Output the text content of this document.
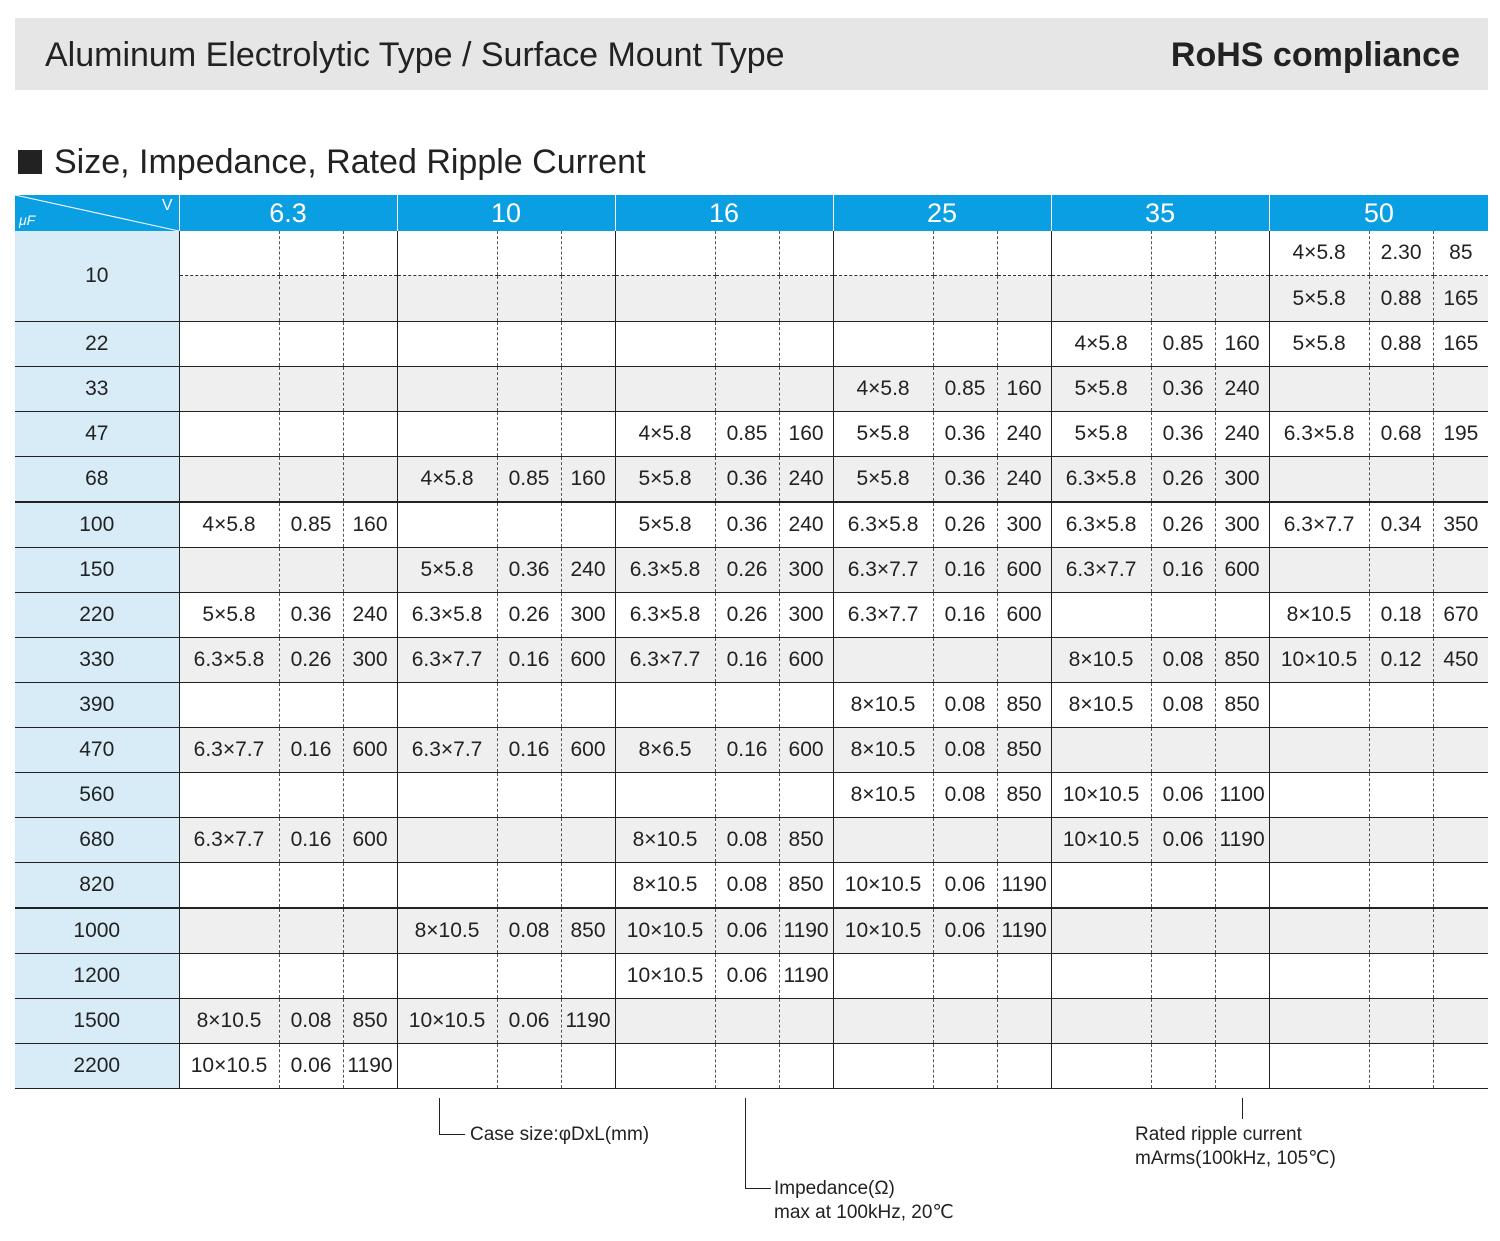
Aluminum Electrolytic Type / Surface Mount Type	RoHS compliance
Size, Impedance, Rated Ripple Current
V
μF	6.3			10			16			25			35			50		
10																4×5.8	2.30	85
																5×5.8	0.88	165
22													4×5.8	0.85	160	5×5.8	0.88	165
33										4×5.8	0.85	160	5×5.8	0.36	240			
47							4×5.8	0.85	160	5×5.8	0.36	240	5×5.8	0.36	240	6.3×5.8	0.68	195
68				4×5.8	0.85	160	5×5.8	0.36	240	5×5.8	0.36	240	6.3×5.8	0.26	300			
100	4×5.8	0.85	160				5×5.8	0.36	240	6.3×5.8	0.26	300	6.3×5.8	0.26	300	6.3×7.7	0.34	350
150				5×5.8	0.36	240	6.3×5.8	0.26	300	6.3×7.7	0.16	600	6.3×7.7	0.16	600			
220	5×5.8	0.36	240	6.3×5.8	0.26	300	6.3×5.8	0.26	300	6.3×7.7	0.16	600				8×10.5	0.18	670
330	6.3×5.8	0.26	300	6.3×7.7	0.16	600	6.3×7.7	0.16	600				8×10.5	0.08	850	10×10.5	0.12	450
390										8×10.5	0.08	850	8×10.5	0.08	850			
470	6.3×7.7	0.16	600	6.3×7.7	0.16	600	8×6.5	0.16	600	8×10.5	0.08	850						
560										8×10.5	0.08	850	10×10.5	0.06	1100			
680	6.3×7.7	0.16	600				8×10.5	0.08	850				10×10.5	0.06	1190			
820							8×10.5	0.08	850	10×10.5	0.06	1190						
1000				8×10.5	0.08	850	10×10.5	0.06	1190	10×10.5	0.06	1190						
1200							10×10.5	0.06	1190									
1500	8×10.5	0.08	850	10×10.5	0.06	1190												
2200	10×10.5	0.06	1190															
Case size:φDxL(mm)
Impedance(Ω)
max at 100kHz, 20℃
Rated ripple current
mArms(100kHz, 105℃)
